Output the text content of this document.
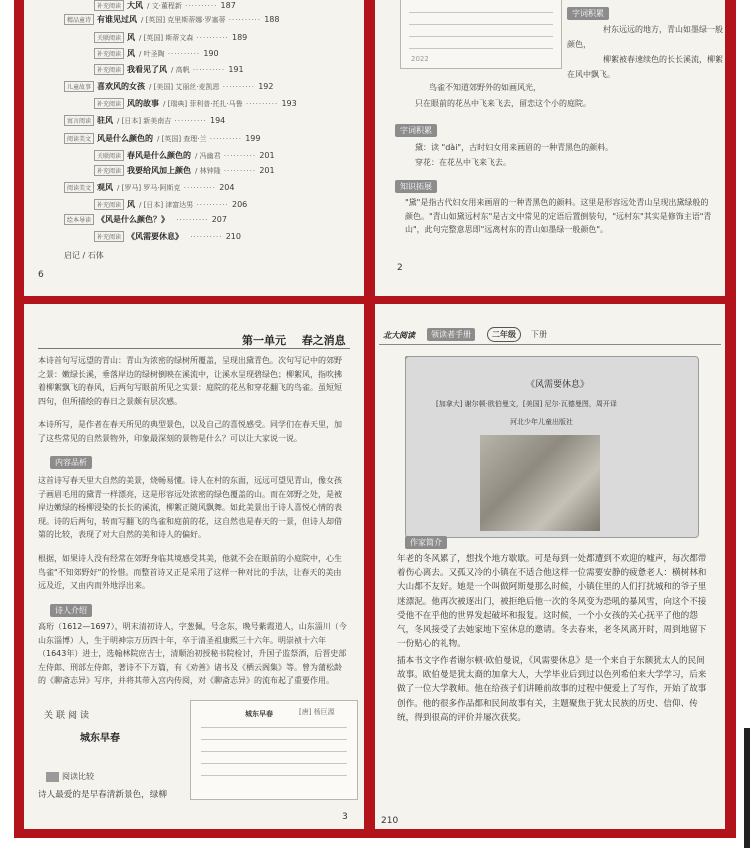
补充阅读 大风 / 文·董程新 ·········· 187
精品童诗 有谁见过风 / [英国] 克里斯蒂娜·罗塞蒂 ·········· 188
关联阅读 风 / [英国] 斯蒂文森 ·········· 189
补充阅读 风 / 叶圣陶 ·········· 190
补充阅读 我看见了风 / 高帆 ·········· 191
儿童故事 喜欢风的女孩 / [美国] 艾丽丝·麦凯恩 ·········· 192
补充阅读 风的故事 / [瑞典] 菲利普·托扎·马鲁 ·········· 193
寓言阅读 驻风 / [日本] 新美南吉 ·········· 194
阅读美文 风是什么颜色的 / [英国] 查理·兰 ·········· 199
关联阅读 春风是什么颜色的 / 冯幽君 ·········· 201
补充阅读 我要给风加上颜色 / 林钟隆 ·········· 201
阅读美文 观风 / [罗马] 罗马·阿斯克 ·········· 204
补充阅读 风 / [日本] 津富达男 ·········· 206
绘本导读 《风是什么颜色？》 ·········· 207
补充阅读 《风需要休息》 ·········· 210
启记 / 石体
6
2022
字词积累
村东远远的地方，青山如墨绿一般
颜色，
柳絮被春速续色的长长溪流，柳絮
在风中飘飞。
鸟雀不知道郊野外的如画风光，
只在眼前的花丛中飞来飞去，留恋这个小的庭院。
字词积累
黛：读 "dài"，古时妇女用来画眉的一种青黑色的颜料。
穿花：在花丛中飞来飞去。
知识拓展
"黛"是指古代妇女用来画眉的一种青黑色的颜料。这里是形容远处青山呈现出黛绿般的颜色。"青山如黛远村东"是古文中常见的定语后置倒装句，"远村东"其实是修饰主语"青山"，此句完整意思即"远离村东的青山如墨绿一般颜色"。
2
第一单元 春之消息
本诗首句写远望的青山：青山为浓密的绿树所覆盖，呈现出黛青色。次句写记中的郊野之景：嫩绿长溪，垂落岸边的绿树倒映在溪流中，让溪水呈现碧绿色；柳絮风，指吹拂着柳絮飘飞的春风，后两句写眼前所见之实景：庭院的花丛和穿花翻飞的鸟雀。虽短短四句，但所描绘的春日之景颇有层次感。
本诗所写，是作者在春天所见的典型景色，以及自己的喜悦感受。同学们在春天里，加了这些常见的自然景物外，印象最深刻的景物是什么？可以让大家说一说。
内容品析
这首诗写春天里大自然的美景，烧畅易懂。诗人在村的东面，远远可望见青山，像女孩子画眉毛用的黛青一样漂亮，这是形容远处浓密的绿色覆盖的山。而在郊野之处，是被岸边嫩绿的杨柳浸染的长长的溪流，柳絮正随风飘舞。如此美景出于诗人喜悦心情的表现。诗的后两句，转而写翻飞的鸟雀和庭前的花，这自然也是春天的一景，但诗人却借第的比较，表现了对大自然的美和诗人的偏好。
根据，如果诗人没有经常在郊野身临其境感受其美，他就不会在眼前的小庭院中，心生鸟雀"不知郊野好"的怜惜。而整首诗又正是采用了这样一种对比的手法，让春天的美由远及近，又由内而外地浮出来。
诗人介绍
高珩（1612—1697），明末清初诗人，字葱佩，号念东，晚号紫霞道人，山东淄川（今山东淄博）人，生于明神宗万历四十年，卒于清圣祖康熙三十六年。明崇祯十六年（1643年）进士，选翰林院庶吉士，清顺治初授秘书院检讨，升国子监祭酒，后晋史部左侍郎、刑部左侍郎，著诗不下万篇，有《劝善》诸书及《栖云阁集》等。曾为蒲松龄的《聊斋志异》写序，并将其带入宫内传阅，对《聊斋志异》的流布起了重要作用。
关联阅读
城东早春
阅读比较
诗人最爱的是早春清新景色，绿柳
城东早春	[唐] 杨巨源
3
北大阅读	领读者手册	二年级	下册
《风需要休息》
[加拿大] 谢尔顿·欧伯曼文，[美国] 尼尔·瓦德曼图，周开译
河北少年儿童出版社
作家简介
年老的冬风累了，想找个地方歇歇。可是每到一处都遭到不欢迎的嘘声，每次都带着伤心离去。又孤又冷的小镇在不适合他这样一位需要安静的疲惫老人：横树林和大山都不友好。她是一个叫做阿斯曼那么时候，小镇住里的人们打扰城和的爷子里迷漂泥。他再次被逐出门，被拒绝后他一次的冬风变为恐吼的暴风雪，向这个不接受他不在乎他的世界发起破坏和报复。这时候，一个小女孩的关心抚平了他的怨气，冬风接受了去她家地下室休息的邀请。冬去春来，老冬风离开时，周到地留下一份贴心的礼物。
插本书文字作者谢尔顿·欧伯曼说，《风需要休息》是一个来自于东额犹太人的民间故事。欧伯曼是犹太裔的加拿大人，大学毕业后到过以色列希伯来大学学习，后来做了一位大学教师。他在给孩子们讲睡前故事的过程中便爱上了写作，开始了故事创作。他的很多作品都和民间故事有关，主题聚焦于犹太民族的历史、信仰、传统，得到很高的评价并屡次获奖。
210
